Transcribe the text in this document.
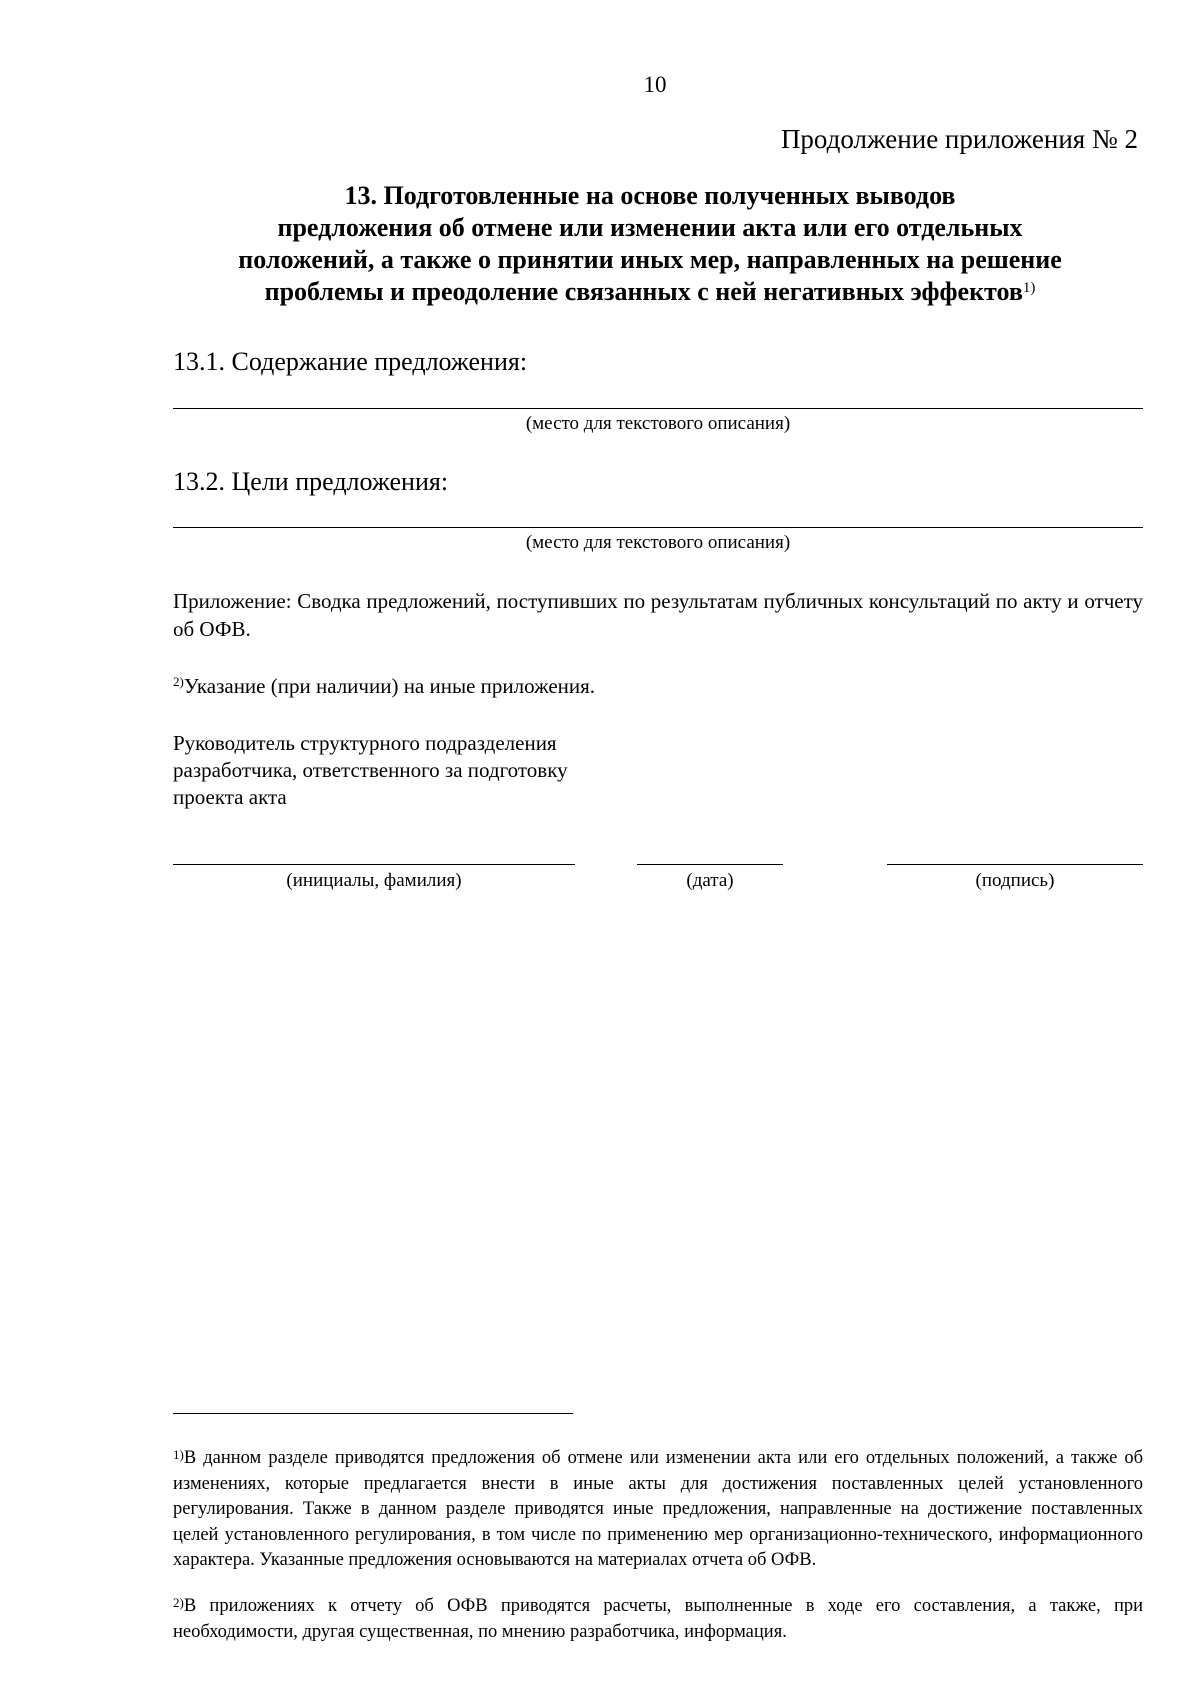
10
Продолжение приложения № 2
13. Подготовленные на основе полученных выводов
предложения об отмене или изменении акта или его отдельных
положений, а также о принятии иных мер, направленных на решение
проблемы и преодоление связанных с ней негативных эффектов$^{1)}$
13.1. Содержание предложения:
(место для текстового описания)
13.2. Цели предложения:
(место для текстового описания)
Приложение: Сводка предложений, поступивших по результатам публичных консультаций по акту и отчету об ОФВ.
$^{2)}$Указание (при наличии) на иные приложения.
Руководитель структурного подразделения
разработчика, ответственного за подготовку
проекта акта
(инициалы, фамилия)	(дата)	(подпись)
$^{1)}$В данном разделе приводятся предложения об отмене или изменении акта или его отдельных положений, а также об изменениях, которые предлагается внести в иные акты для достижения поставленных целей установленного регулирования. Также в данном разделе приводятся иные предложения, направленные на достижение поставленных целей установленного регулирования, в том числе по применению мер организационно-технического, информационного характера. Указанные предложения основываются на материалах отчета об ОФВ.
$^{2)}$В приложениях к отчету об ОФВ приводятся расчеты, выполненные в ходе его составления, а также, при необходимости, другая существенная, по мнению разработчика, информация.
